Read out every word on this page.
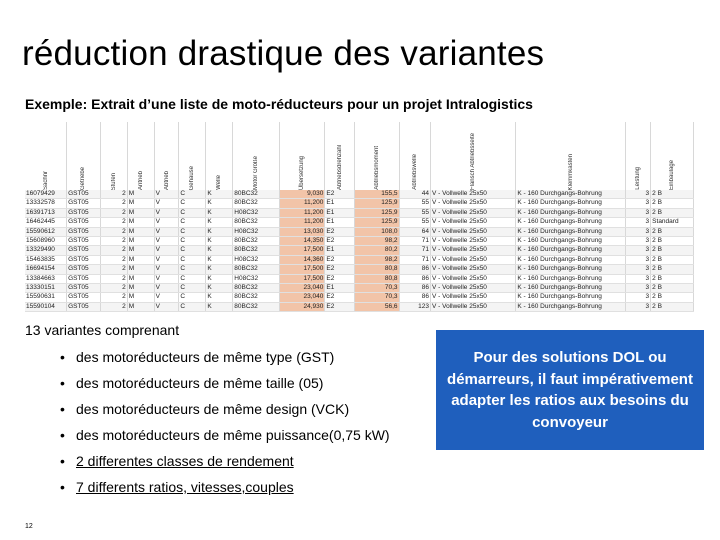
réduction drastique des variantes
Exemple: Extrait d’une liste de moto-réducteurs pour un projet Intralogistics
Sachnr	Getriebe	Stufen	Antrieb	Abtrieb	Gehäuse	Welle	Motor Größe	Übersetzung	Abtriebsdrehzahl	Abtriebsmoment	Abtriebswelle	Flansch Abtriebsseite	Klemmkasten	Leistung	Einbaulage

16079429	GST05	2	M	V	C	K	80BC32	9,030	E2	155,5	44	V - Vollwelle 25x50	K - 160 Durchgangs-Bohrung	3	2 B
13332578	GST05	2	M	V	C	K	80BC32	11,200	E1	125,9	55	V - Vollwelle 25x50	K - 160 Durchgangs-Bohrung	3	2 B
16391713	GST05	2	M	V	C	K	H08C32	11,200	E1	125,9	55	V - Vollwelle 25x50	K - 160 Durchgangs-Bohrung	3	2 B
16462445	GST05	2	M	V	C	K	80BC32	11,200	E1	125,9	55	V - Vollwelle 25x50	K - 160 Durchgangs-Bohrung	3	Standard
15590612	GST05	2	M	V	C	K	H08C32	13,030	E2	108,0	64	V - Vollwelle 25x50	K - 160 Durchgangs-Bohrung	3	2 B
15608960	GST05	2	M	V	C	K	80BC32	14,350	E2	98,2	71	V - Vollwelle 25x50	K - 160 Durchgangs-Bohrung	3	2 B
13329490	GST05	2	M	V	C	K	80BC32	17,500	E1	80,2	71	V - Vollwelle 25x50	K - 160 Durchgangs-Bohrung	3	2 B
15463835	GST05	2	M	V	C	K	H08C32	14,360	E2	98,2	71	V - Vollwelle 25x50	K - 160 Durchgangs-Bohrung	3	2 B
16694154	GST05	2	M	V	C	K	80BC32	17,500	E2	80,8	86	V - Vollwelle 25x50	K - 160 Durchgangs-Bohrung	3	2 B
13384663	GST05	2	M	V	C	K	H08C32	17,500	E2	80,8	86	V - Vollwelle 25x50	K - 160 Durchgangs-Bohrung	3	2 B
13330151	GST05	2	M	V	C	K	80BC32	23,040	E1	70,3	86	V - Vollwelle 25x50	K - 160 Durchgangs-Bohrung	3	2 B
15590631	GST05	2	M	V	C	K	80BC32	23,040	E2	70,3	86	V - Vollwelle 25x50	K - 160 Durchgangs-Bohrung	3	2 B
15590104	GST05	2	M	V	C	K	80BC32	24,930	E2	56,6	123	V - Vollwelle 25x50	K - 160 Durchgangs-Bohrung	3	2 B
13 variantes comprenant
• des motoréducteurs de même type (GST)
• des motoréducteurs de même taille (05)
• des motoréducteurs de même design (VCK)
• des motoréducteurs de même puissance(0,75 kW)
• 2 differentes classes de rendement
• 7 differents ratios, vitesses,couples
Pour des solutions DOL ou démarreurs, il faut impérativement adapter les ratios aux besoins du convoyeur
12
